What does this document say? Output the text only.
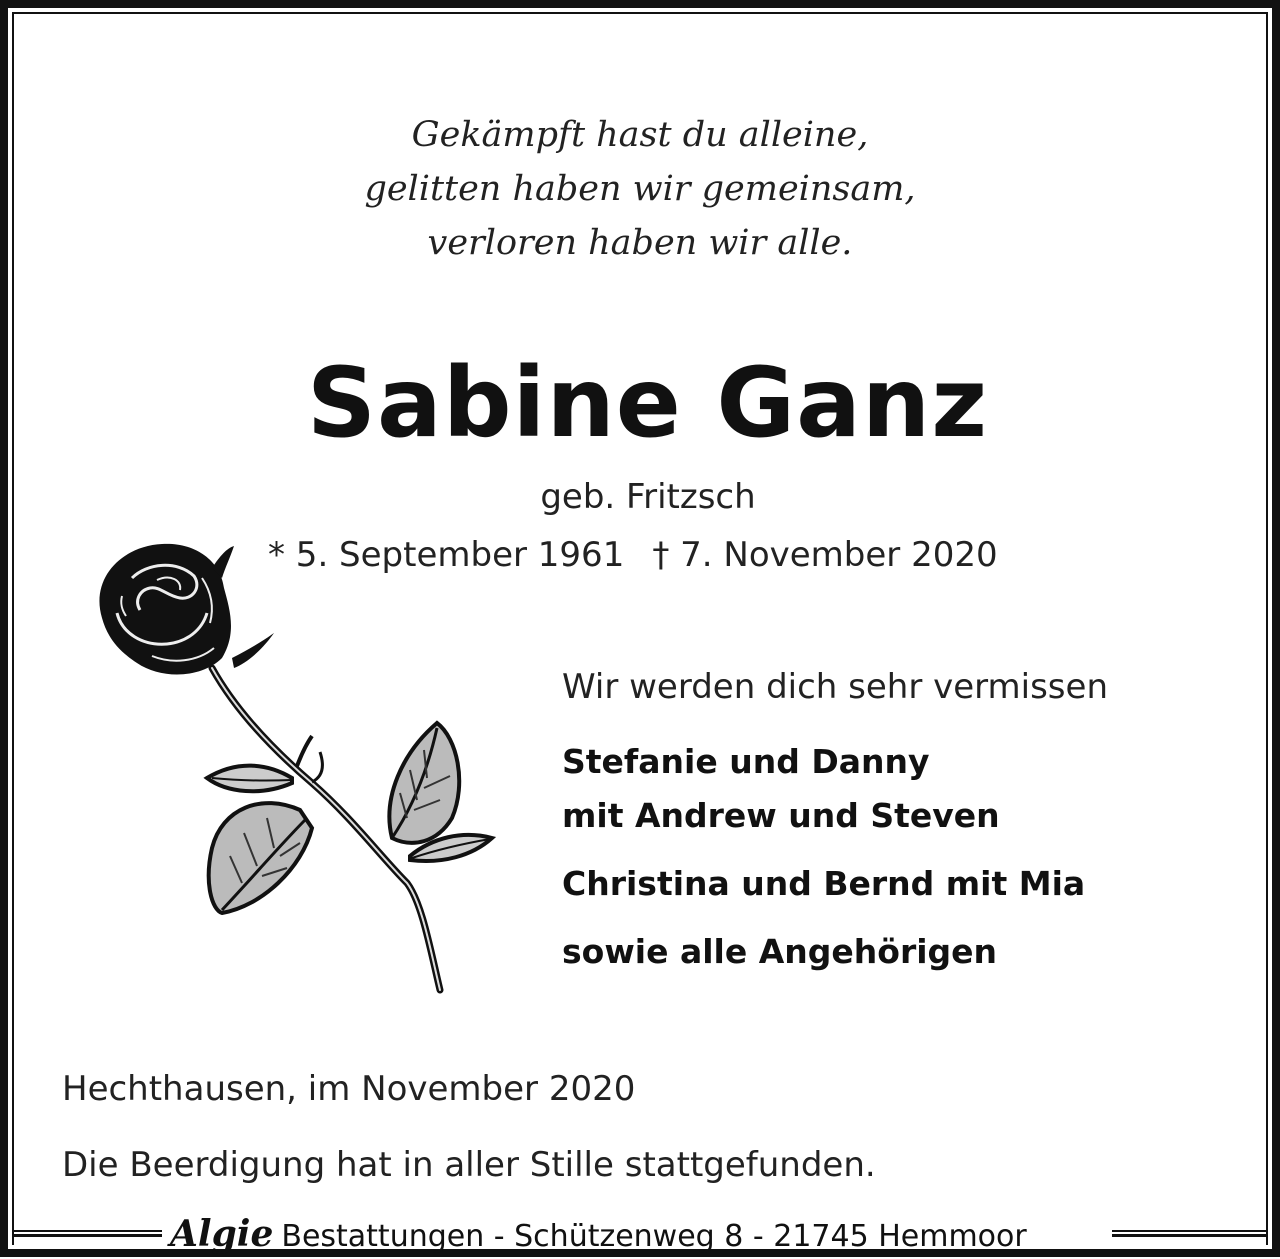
Gekämpft hast du alleine,
gelitten haben wir gemeinsam,
verloren haben wir alle.
Sabine Ganz
geb. Fritzsch
* 5. September 1961 † 7. November 2020
Wir werden dich sehr vermissen
Stefanie und Danny
mit Andrew und Steven
Christina und Bernd mit Mia
sowie alle Angehörigen
Hechthausen, im November 2020
Die Beerdigung hat in aller Stille stattgefunden.
Algie Bestattungen - Schützenweg 8 - 21745 Hemmoor
